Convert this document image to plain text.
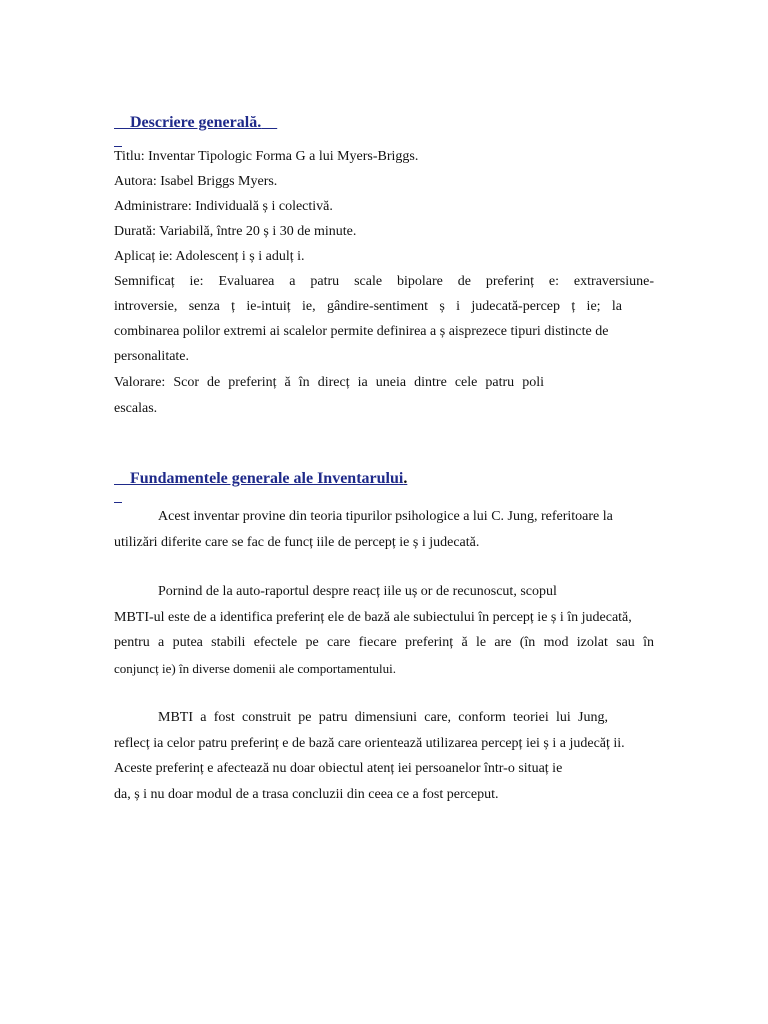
Descriere generală.

Titlu: Inventar Tipologic Forma G a lui Myers-Briggs.
Autora: Isabel Briggs Myers.
Administrare: Individuală ș i colectivă.
Durată: Variabilă, între 20 ș i 30 de minute.
Aplicaț ie: Adolescenț i ș i adulț i.
Semnificaț ie: Evaluarea a patru scale bipolare de preferinț e: extraversiune-
introversie, senza ț ie-intuiț ie, gândire-sentiment ș i judecată-percep ț ie; la
combinarea polilor extremi ai scalelor permite definirea a ș aisprezece tipuri distincte de
personalitate.
Valorare: Scor de preferinț ă în direcț ia uneia dintre cele patru poli
escalas.

Fundamentele generale ale Inventarului.

Acest inventar provine din teoria tipurilor psihologice a lui C. Jung, referitoare la
utilizări diferite care se fac de funcț iile de percepț ie ș i judecată.
Pornind de la auto-raportul despre reacț iile uș or de recunoscut, scopul
MBTI-ul este de a identifica preferinț ele de bază ale subiectului în percepț ie ș i în judecată,
pentru a putea stabili efectele pe care fiecare preferinț ă le are (în mod izolat sau în
conjuncț ie) în diverse domenii ale comportamentului.
MBTI a fost construit pe patru dimensiuni care, conform teoriei lui Jung,
reflecț ia celor patru preferinț e de bază care orientează utilizarea percepț iei ș i a judecăț ii.
Aceste preferinț e afectează nu doar obiectul atenț iei persoanelor într-o situaț ie
da, ș i nu doar modul de a trasa concluzii din ceea ce a fost perceput.
